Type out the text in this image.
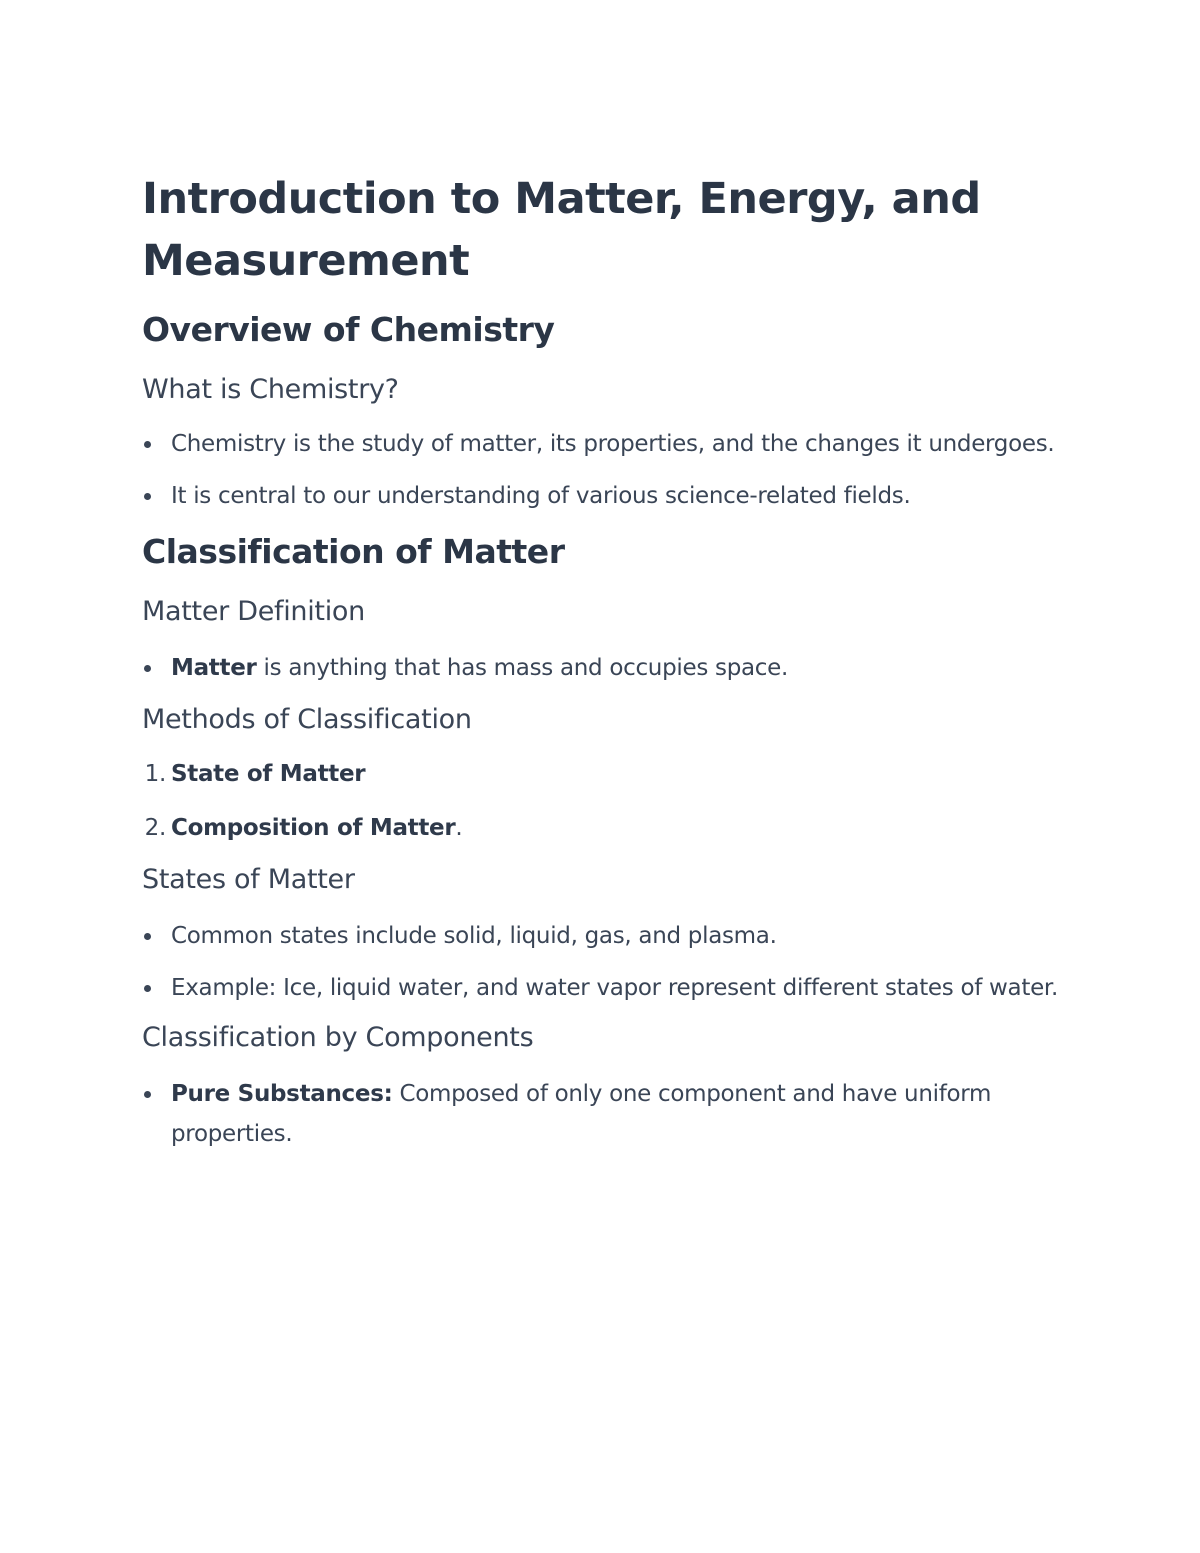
Introduction to Matter, Energy, and Measurement
Overview of Chemistry
What is Chemistry?
Chemistry is the study of matter, its properties, and the changes it undergoes.
It is central to our understanding of various science-related fields.
Classification of Matter
Matter Definition
Matter is anything that has mass and occupies space.
Methods of Classification
1. State of Matter
2. Composition of Matter.
States of Matter
Common states include solid, liquid, gas, and plasma.
Example: Ice, liquid water, and water vapor represent different states of water.
Classification by Components
Pure Substances: Composed of only one component and have uniform properties.
